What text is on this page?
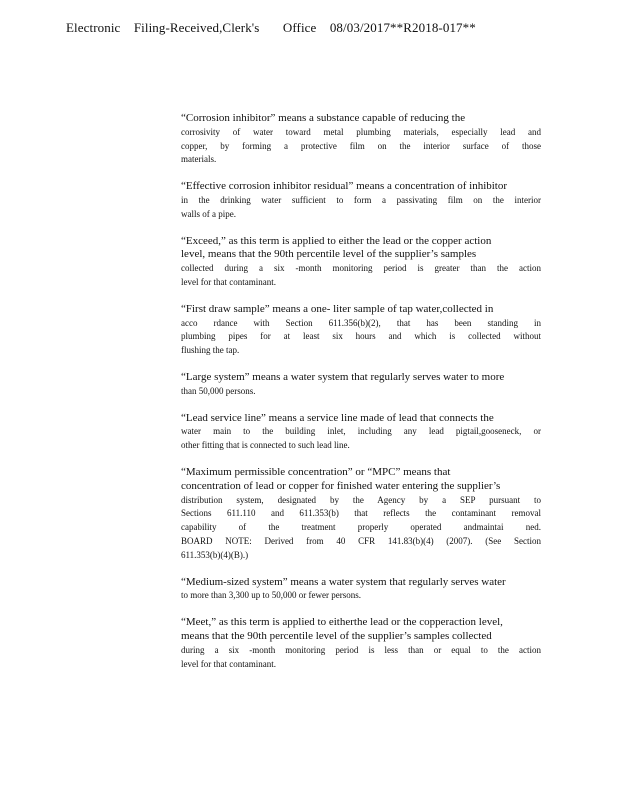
Electronic    Filing-Received,Clerk's       Office    08/03/2017**R2018-017**
“Corrosion inhibitor” means a substance capable of reducing the
corrosivity of water toward metal plumbing materials, especially lead and
copper, by forming a protective film on the interior surface of those
materials.
“Effective corrosion inhibitor residual” means a concentration of inhibitor
in the drinking water sufficient to form a passivating film on the interior
walls of a pipe.
“Exceed,” as this term is applied to either the lead or the copper action
level, means that the 90th percentile level of the supplier’s samples
collected during a six -month monitoring period is greater than the action
level for that contaminant.
“First draw sample” means a one- liter sample of tap water,collected in
acco rdance with Section 611.356(b)(2), that has been standing in
plumbing pipes for at least six hours and which is collected without
flushing the tap.
“Large system” means a water system that regularly serves water to more
than 50,000 persons.
“Lead service line” means a service line made of lead that connects the
water main to the building inlet, including any lead pigtail,gooseneck, or
other fitting that is connected to such lead line.
“Maximum permissible concentration” or “MPC” means that
concentration of lead or copper for finished water entering the supplier’s
distribution system, designated by the Agency by a SEP pursuant to
Sections 611.110 and 611.353(b) that reflects the contaminant removal
capability of the treatment properly operated andmaintai ned.
BOARD NOTE: Derived from 40 CFR 141.83(b)(4) (2007). (See Section
611.353(b)(4)(B).)
“Medium-sized system” means a water system that regularly serves water
to more than 3,300 up to 50,000 or fewer persons.
“Meet,” as this term is applied to eitherthe lead or the copperaction level,
means that the 90th percentile level of the supplier’s samples collected
during a six -month monitoring period is less than or equal to the action
level for that contaminant.
